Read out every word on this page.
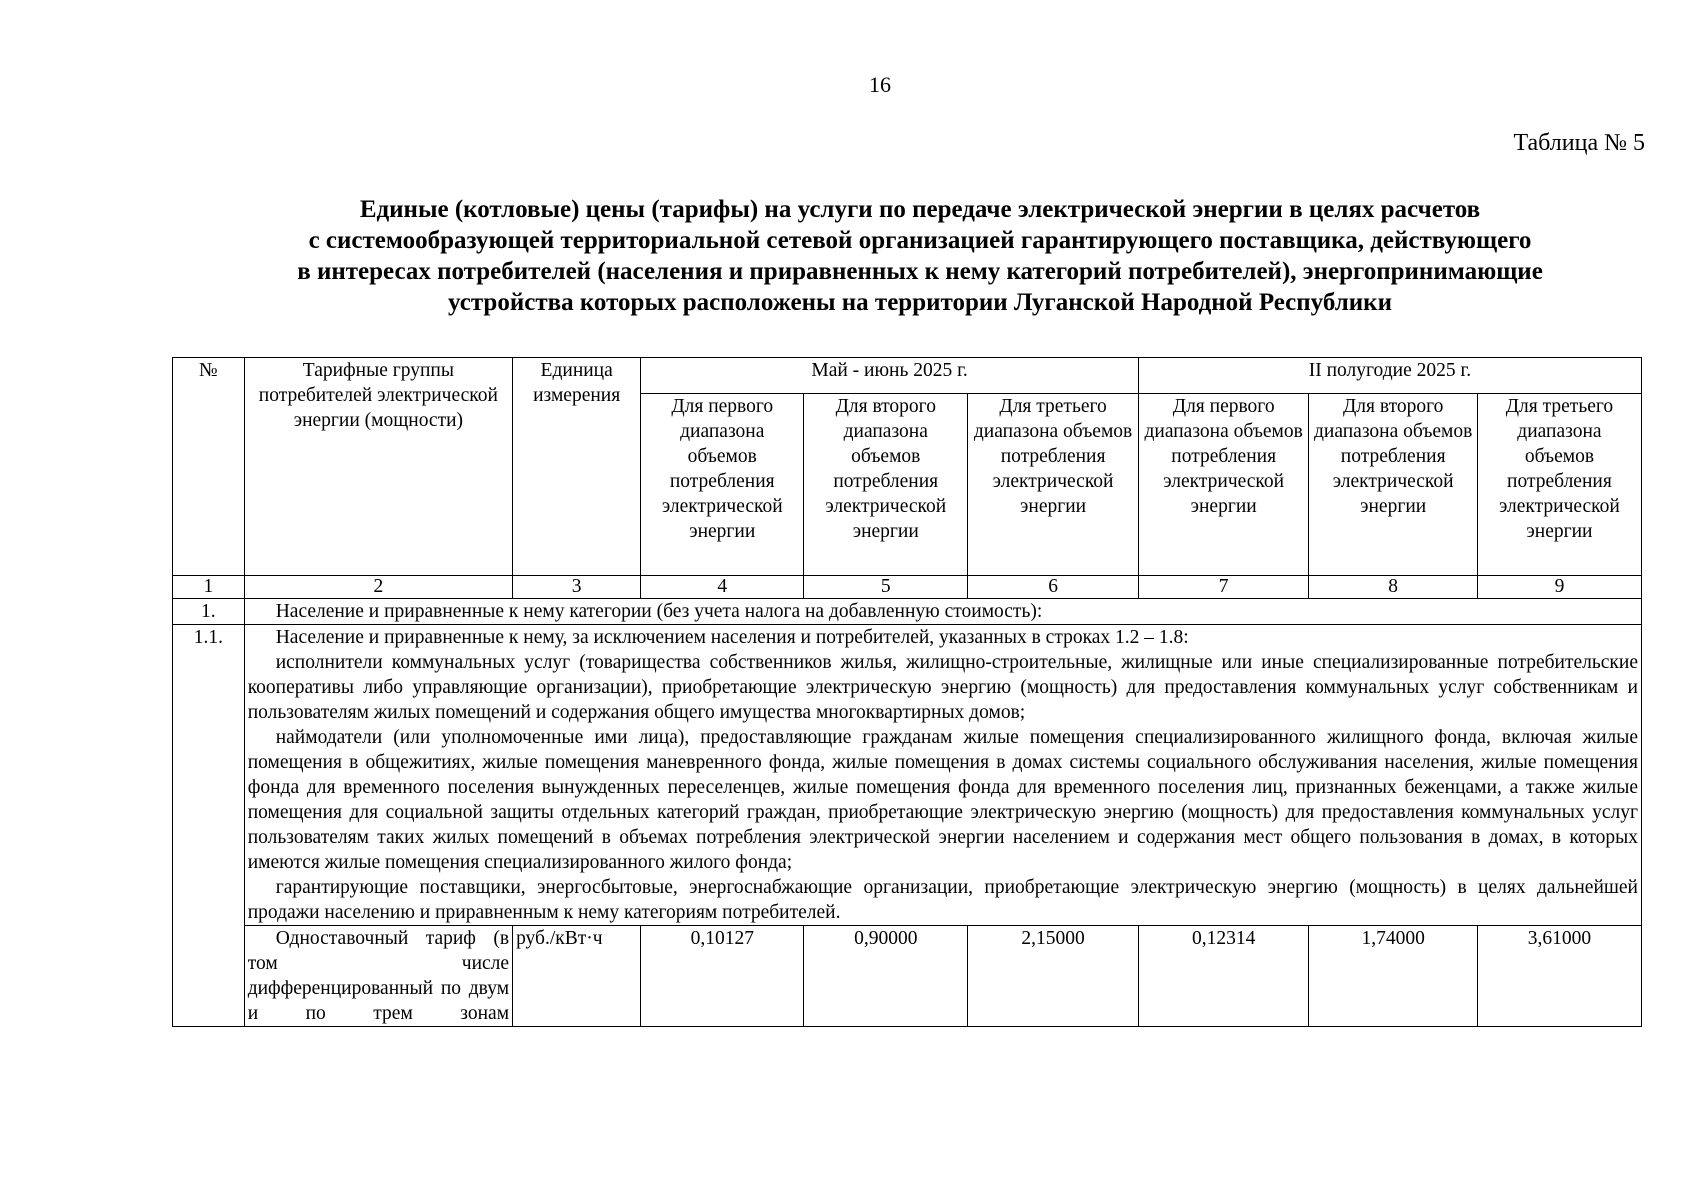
16
Таблица № 5
Единые (котловые) цены (тарифы) на услуги по передаче электрической энергии в целях расчетов
с системообразующей территориальной сетевой организацией гарантирующего поставщика, действующего
в интересах потребителей (населения и приравненных к нему категорий потребителей), энергопринимающие
устройства которых расположены на территории Луганской Народной Республики
№	Тарифные группы потребителей электрической энергии (мощности)	Единица измерения	Май - июнь 2025 г.			II полугодие 2025 г.		
			Для первого диапазона объемов потребления электрической энергии	Для второго диапазона объемов потребления электрической энергии	Для третьего диапазона объемов потребления электрической энергии	Для первого диапазона объемов потребления электрической энергии	Для второго диапазона объемов потребления электрической энергии	Для третьего диапазона объемов потребления электрической энергии
1	2	3	4	5	6	7	8	9
1.	Население и приравненные к нему категории (без учета налога на добавленную стоимость):							
1.1.	Население и приравненные к нему, за исключением населения и потребителей, указанных в строках 1.2 – 1.8:

исполнители коммунальных услуг (товарищества собственников жилья, жилищно-строительные, жилищные или иные специализированные потребительские кооперативы либо управляющие организации), приобретающие электрическую энергию (мощность) для предоставления коммунальных услуг собственникам и пользователям жилых помещений и содержания общего имущества многоквартирных домов;

наймодатели (или уполномоченные ими лица), предоставляющие гражданам жилые помещения специализированного жилищного фонда, включая жилые помещения в общежитиях, жилые помещения маневренного фонда, жилые помещения в домах системы социального обслуживания населения, жилые помещения фонда для временного поселения вынужденных переселенцев, жилые помещения фонда для временного поселения лиц, признанных беженцами, а также жилые помещения для социальной защиты отдельных категорий граждан, приобретающие электрическую энергию (мощность) для предоставления коммунальных услуг пользователям таких жилых помещений в объемах потребления электрической энергии населением и содержания мест общего пользования в домах, в которых имеются жилые помещения специализированного жилого фонда;

гарантирующие поставщики, энергосбытовые, энергоснабжающие организации, приобретающие электрическую энергию (мощность) в целях дальнейшей продажи населению и приравненным к нему категориям потребителей.							

	Одноставочный тариф (в том числе дифференцированный по двум и по трем зонам	руб./кВт·ч	0,10127	0,90000	2,15000	0,12314	1,74000	3,61000
